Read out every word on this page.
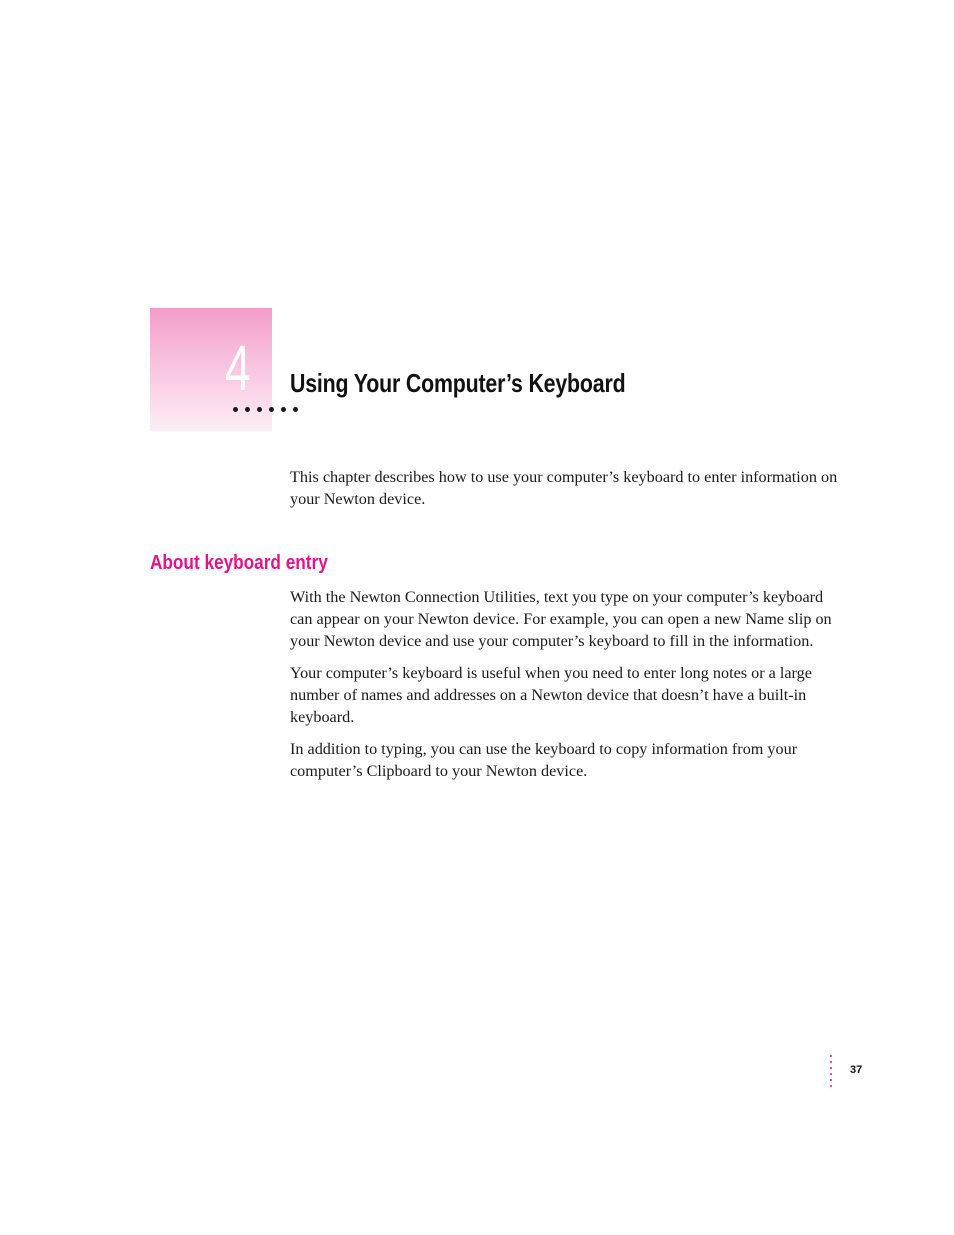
4 Using Your Computer’s Keyboard

This chapter describes how to use your computer’s keyboard to enter information on your Newton device.

About keyboard entry

With the Newton Connection Utilities, text you type on your computer’s keyboard can appear on your Newton device. For example, you can open a new Name slip on your Newton device and use your computer’s keyboard to fill in the information.

Your computer’s keyboard is useful when you need to enter long notes or a large number of names and addresses on a Newton device that doesn’t have a built-in keyboard.

In addition to typing, you can use the keyboard to copy information from your computer’s Clipboard to your Newton device.

37
